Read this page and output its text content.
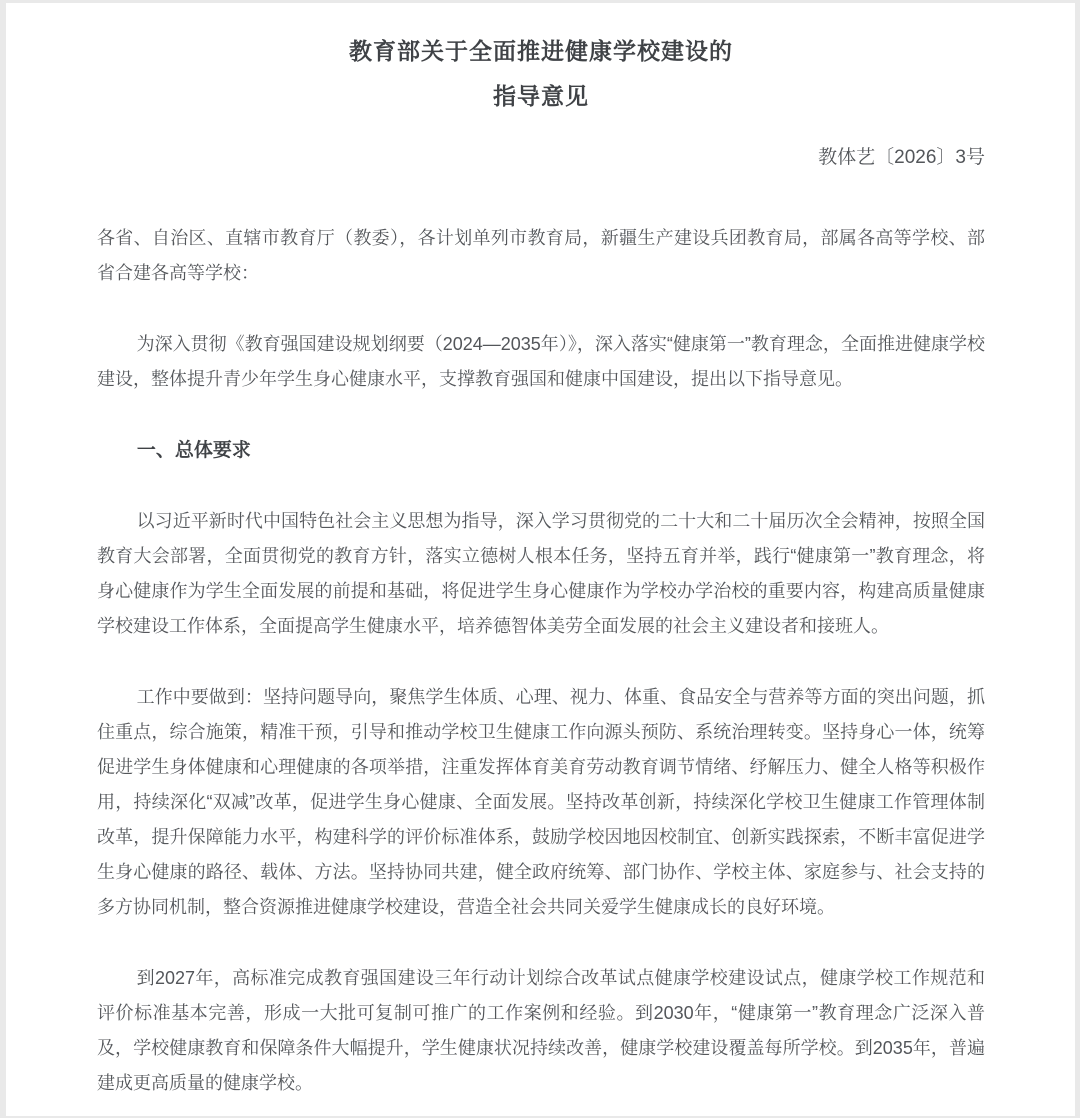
教育部关于全面推进健康学校建设的
指导意见
教体艺〔2026〕3号

各省、自治区、直辖市教育厅（教委），各计划单列市教育局，新疆生产建设兵团教育局，部属各高等学校、部省合建各高等学校：

为深入贯彻《教育强国建设规划纲要（2024—2035年）》，深入落实“健康第一”教育理念，全面推进健康学校建设，整体提升青少年学生身心健康水平，支撑教育强国和健康中国建设，提出以下指导意见。

一、总体要求

以习近平新时代中国特色社会主义思想为指导，深入学习贯彻党的二十大和二十届历次全会精神，按照全国教育大会部署，全面贯彻党的教育方针，落实立德树人根本任务，坚持五育并举，践行“健康第一”教育理念，将身心健康作为学生全面发展的前提和基础，将促进学生身心健康作为学校办学治校的重要内容，构建高质量健康学校建设工作体系，全面提高学生健康水平，培养德智体美劳全面发展的社会主义建设者和接班人。

工作中要做到：坚持问题导向，聚焦学生体质、心理、视力、体重、食品安全与营养等方面的突出问题，抓住重点，综合施策，精准干预，引导和推动学校卫生健康工作向源头预防、系统治理转变。坚持身心一体，统筹促进学生身体健康和心理健康的各项举措，注重发挥体育美育劳动教育调节情绪、纾解压力、健全人格等积极作用，持续深化“双减”改革，促进学生身心健康、全面发展。坚持改革创新，持续深化学校卫生健康工作管理体制改革，提升保障能力水平，构建科学的评价标准体系，鼓励学校因地因校制宜、创新实践探索，不断丰富促进学生身心健康的路径、载体、方法。坚持协同共建，健全政府统筹、部门协作、学校主体、家庭参与、社会支持的多方协同机制，整合资源推进健康学校建设，营造全社会共同关爱学生健康成长的良好环境。

到2027年，高标准完成教育强国建设三年行动计划综合改革试点健康学校建设试点，健康学校工作规范和评价标准基本完善，形成一大批可复制可推广的工作案例和经验。到2030年，“健康第一”教育理念广泛深入普及，学校健康教育和保障条件大幅提升，学生健康状况持续改善，健康学校建设覆盖每所学校。到2035年，普遍建成更高质量的健康学校。
